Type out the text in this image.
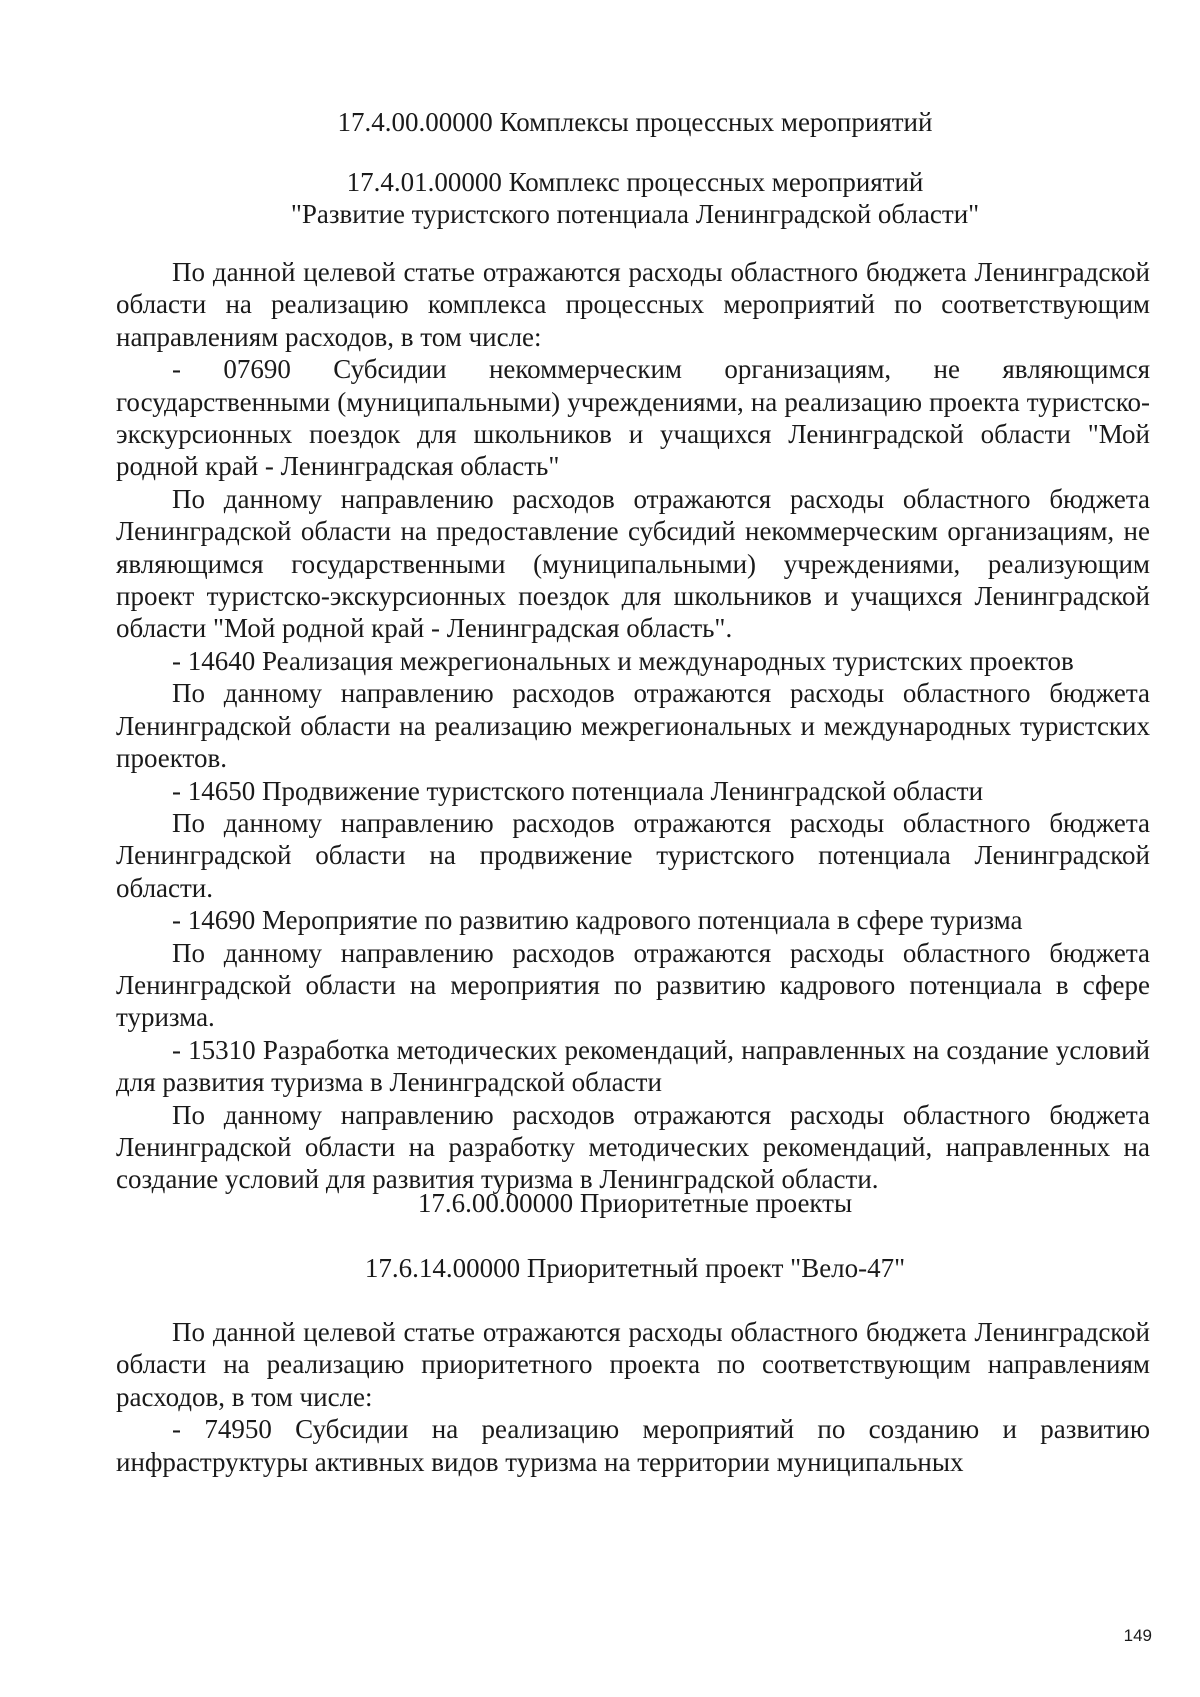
17.4.00.00000 Комплексы процессных мероприятий
17.4.01.00000 Комплекс процессных мероприятий
"Развитие туристского потенциала Ленинградской области"

По данной целевой статье отражаются расходы областного бюджета Ленинградской области на реализацию комплекса процессных мероприятий по соответствующим направлениям расходов, в том числе:

- 07690 Субсидии некоммерческим организациям, не являющимся государственными (муниципальными) учреждениями, на реализацию проекта туристско-экскурсионных поездок для школьников и учащихся Ленинградской области "Мой родной край - Ленинградская область"

По данному направлению расходов отражаются расходы областного бюджета Ленинградской области на предоставление субсидий некоммерческим организациям, не являющимся государственными (муниципальными) учреждениями, реализующим проект туристско-экскурсионных поездок для школьников и учащихся Ленинградской области "Мой родной край - Ленинградская область".

- 14640 Реализация межрегиональных и международных туристских проектов

По данному направлению расходов отражаются расходы областного бюджета Ленинградской области на реализацию межрегиональных и международных туристских проектов.

- 14650 Продвижение туристского потенциала Ленинградской области

По данному направлению расходов отражаются расходы областного бюджета Ленинградской области на продвижение туристского потенциала Ленинградской области.

- 14690 Мероприятие по развитию кадрового потенциала в сфере туризма

По данному направлению расходов отражаются расходы областного бюджета Ленинградской области на мероприятия по развитию кадрового потенциала в сфере туризма.

- 15310 Разработка методических рекомендаций, направленных на создание условий для развития туризма в Ленинградской области

По данному направлению расходов отражаются расходы областного бюджета Ленинградской области на разработку методических рекомендаций, направленных на создание условий для развития туризма в Ленинградской области.

17.6.00.00000 Приоритетные проекты
17.6.14.00000 Приоритетный проект "Вело-47"

По данной целевой статье отражаются расходы областного бюджета Ленинградской области на реализацию приоритетного проекта по соответствующим направлениям расходов, в том числе:

- 74950 Субсидии на реализацию мероприятий по созданию и развитию инфраструктуры активных видов туризма на территории муниципальных

149
